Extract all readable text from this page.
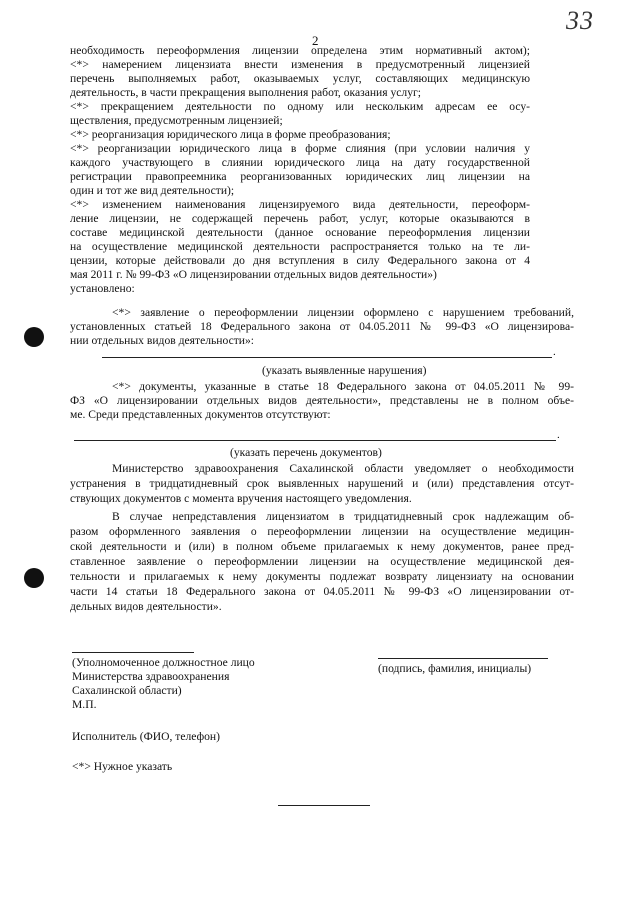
2
33
необходимость переоформления лицензии определена этим нормативный актом);
<*> намерением лицензиата внести изменения в предусмотренный лицензией
перечень выполняемых работ, оказываемых услуг, составляющих медицинскую
деятельность, в части прекращения выполнения работ, оказания услуг;
<*> прекращением деятельности по одному или нескольким адресам ее осу-
ществления, предусмотренным лицензией;
<*> реорганизация юридического лица в форме преобразования;
<*> реорганизации юридического лица в форме слияния (при условии наличия у
каждого участвующего в слиянии юридического лица на дату государственной
регистрации правопреемника реорганизованных юридических лиц лицензии на
один и тот же вид деятельности);
<*> изменением наименования лицензируемого вида деятельности, переоформ-
ление лицензии, не содержащей перечень работ, услуг, которые оказываются в
составе медицинской деятельности (данное основание переоформления лицензии
на осуществление медицинской деятельности распространяется только на те ли-
цензии, которые действовали до дня вступления в силу Федерального закона от 4
мая 2011 г. № 99-ФЗ «О лицензировании отдельных видов деятельности»)
установлено:
<*> заявление о переоформлении лицензии оформлено с нарушением требований,
установленных статьей 18 Федерального закона от 04.05.2011 № 99-ФЗ «О лицензирова-
нии отдельных видов деятельности»:
.
(указать выявленные нарушения)
<*> документы, указанные в статье 18 Федерального закона от 04.05.2011 № 99-
ФЗ «О лицензировании отдельных видов деятельности», представлены не в полном объе-
ме. Среди представленных документов отсутствуют:
.
(указать перечень документов)
Министерство здравоохранения Сахалинской области уведомляет о необходимости
устранения в тридцатидневный срок выявленных нарушений и (или) представления отсут-
ствующих документов с момента вручения настоящего уведомления.
В случае непредставления лицензиатом в тридцатидневный срок надлежащим об-
разом оформленного заявления о переоформлении лицензии на осуществление медицин-
ской деятельности и (или) в полном объеме прилагаемых к нему документов, ранее пред-
ставленное заявление о переоформлении лицензии на осуществление медицинской дея-
тельности и прилагаемых к нему документы подлежат возврату лицензиату на основании
части 14 статьи 18 Федерального закона от 04.05.2011 № 99-ФЗ «О лицензировании от-
дельных видов деятельности».
(Уполномоченное должностное лицо
Министерства здравоохранения
Сахалинской области)
М.П.
(подпись, фамилия, инициалы)
Исполнитель (ФИО, телефон)
<*> Нужное указать
